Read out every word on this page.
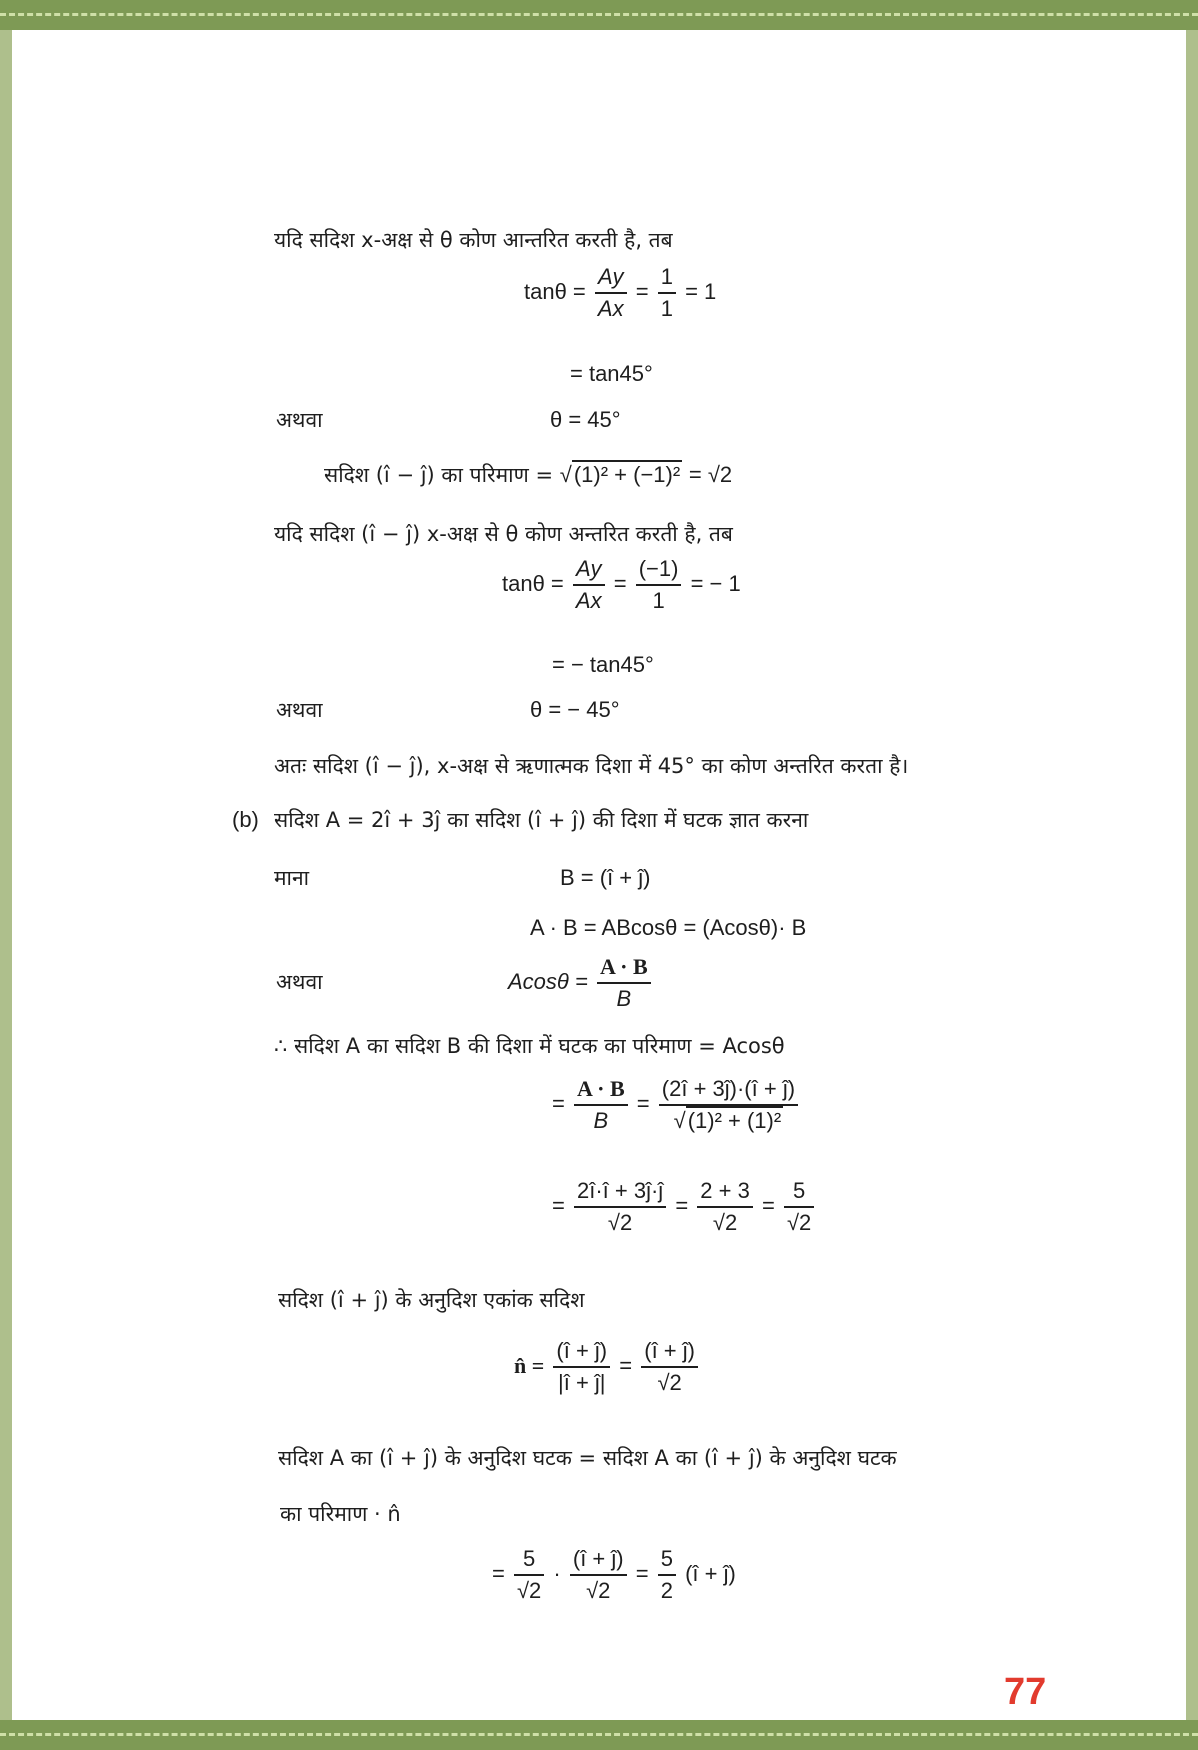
यदि सदिश x-अक्ष से θ कोण आन्तरित करती है, तब
$\tan\theta = \frac{Ay}{Ax} = \frac{1}{1} = 1$
= tan45°
अथवा	θ = 45°
सदिश (î − ĵ) का परिमाण = √(1)² + (−1)² = √2
यदि सदिश (î − ĵ) x-अक्ष से θ कोण अन्तरित करती है, तब
$\tan\theta = \frac{Ay}{Ax} = \frac{(-1)}{1}$ = − 1
= − tan45°
अथवा	θ = − 45°
अतः सदिश (î − ĵ), x-अक्ष से ऋणात्मक दिशा में 45° का कोण अन्तरित करता है।
(b) सदिश A = 2î + 3ĵ का सदिश (î + ĵ) की दिशा में घटक ज्ञात करना
माना	B = (î + ĵ)
A · B = ABcosθ = (Acosθ)· B
अथवा	$Acos\theta = \frac{A \cdot B}{B}$
∴ सदिश A का सदिश B की दिशा में घटक का परिमाण = Acosθ
= $\frac{A \cdot B}{B} = \frac{(2î + 3ĵ)\cdot(î + ĵ)}{\text{√(1)² + (1)²}}$
= $\frac{2î\cdot î + 3ĵ\cdot ĵ}{√2} = \frac{2 + 3}{√2} = \frac{5}{√2}$
सदिश (î + ĵ) के अनुदिश एकांक सदिश
n̂ = $\frac{(î + ĵ)}{|î + ĵ|} = \frac{(î + ĵ)}{√2}$
सदिश A का (î + ĵ) के अनुदिश घटक = सदिश A का (î + ĵ) के अनुदिश घटक
का परिमाण · n̂
= $\frac{5}{√2} \cdot \frac{(î + ĵ)}{√2} = \frac{5}{2}$ (î + ĵ)
77
